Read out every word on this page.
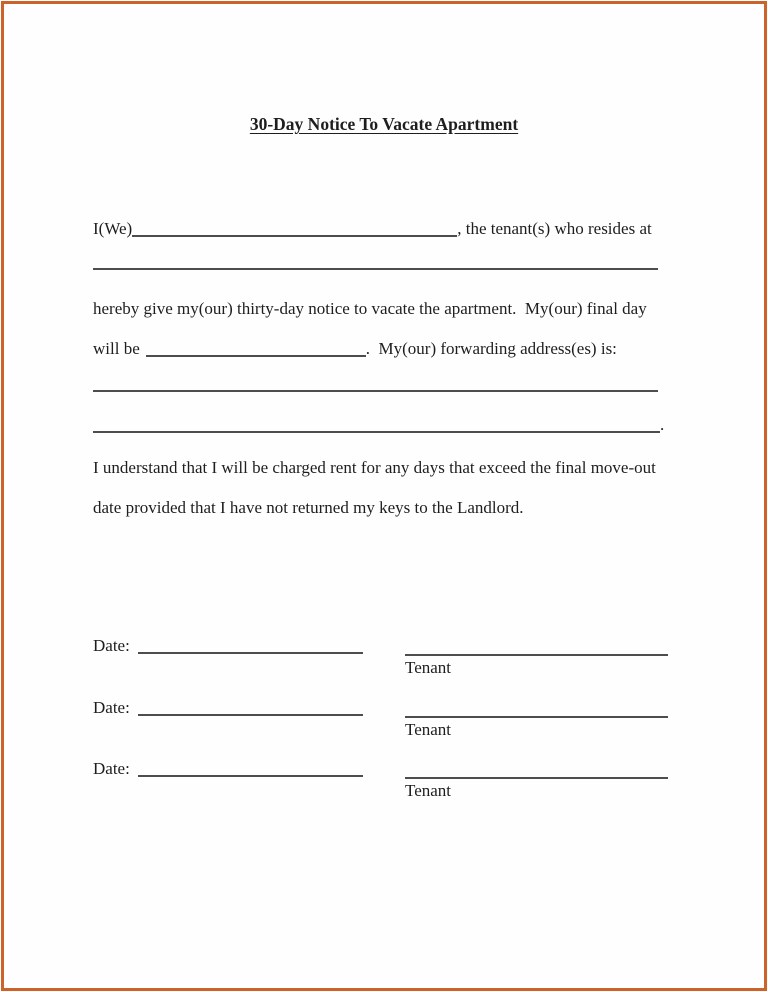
30-Day Notice To Vacate Apartment
I(We)	, the tenant(s) who resides at
hereby give my(our) thirty-day notice to vacate the apartment.  My(our) final day
will be	.  My(our) forwarding address(es) is:
.
I understand that I will be charged rent for any days that exceed the final move-out
date provided that I have not returned my keys to the Landlord.
Date:
Tenant
Date:
Tenant
Date:
Tenant
